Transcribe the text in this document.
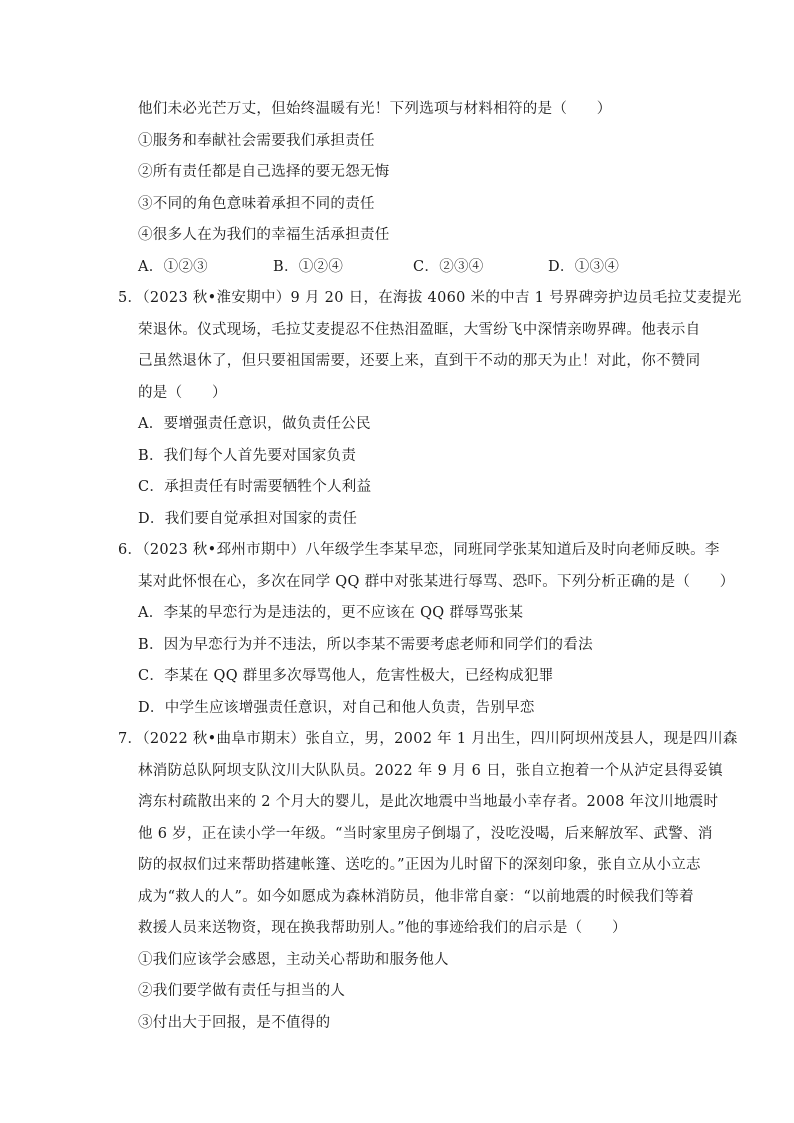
他们未必光芒万丈，但始终温暖有光！下列选项与材料相符的是（　　）
①服务和奉献社会需要我们承担责任
②所有责任都是自己选择的要无怨无悔
③不同的角色意味着承担不同的责任
④很多人在为我们的幸福生活承担责任
A．①②③	B．①②④	C．②③④	D．①③④
5．（2023 秋•淮安期中）9 月 20 日，在海拔 4060 米的中吉 1 号界碑旁护边员毛拉艾麦提光
荣退休。仪式现场，毛拉艾麦提忍不住热泪盈眶，大雪纷飞中深情亲吻界碑。他表示自
己虽然退休了，但只要祖国需要，还要上来，直到干不动的那天为止！对此，你不赞同
的是（　　）
A．要增强责任意识，做负责任公民
B．我们每个人首先要对国家负责
C．承担责任有时需要牺牲个人利益
D．我们要自觉承担对国家的责任
6．（2023 秋•邳州市期中）八年级学生李某早恋，同班同学张某知道后及时向老师反映。李
某对此怀恨在心，多次在同学 QQ 群中对张某进行辱骂、恐吓。下列分析正确的是（　　）
A．李某的早恋行为是违法的，更不应该在 QQ 群辱骂张某
B．因为早恋行为并不违法，所以李某不需要考虑老师和同学们的看法
C．李某在 QQ 群里多次辱骂他人，危害性极大，已经构成犯罪
D．中学生应该增强责任意识，对自己和他人负责，告别早恋
7．（2022 秋•曲阜市期末）张自立，男，2002 年 1 月出生，四川阿坝州茂县人，现是四川森
林消防总队阿坝支队汶川大队队员。2022 年 9 月 6 日，张自立抱着一个从泸定县得妥镇
湾东村疏散出来的 2 个月大的婴儿，是此次地震中当地最小幸存者。2008 年汶川地震时
他 6 岁，正在读小学一年级。“当时家里房子倒塌了，没吃没喝，后来解放军、武警、消
防的叔叔们过来帮助搭建帐篷、送吃的。”正因为儿时留下的深刻印象，张自立从小立志
成为“救人的人”。如今如愿成为森林消防员，他非常自豪：“以前地震的时候我们等着
救援人员来送物资，现在换我帮助别人。”他的事迹给我们的启示是（　　）
①我们应该学会感恩，主动关心帮助和服务他人
②我们要学做有责任与担当的人
③付出大于回报，是不值得的
